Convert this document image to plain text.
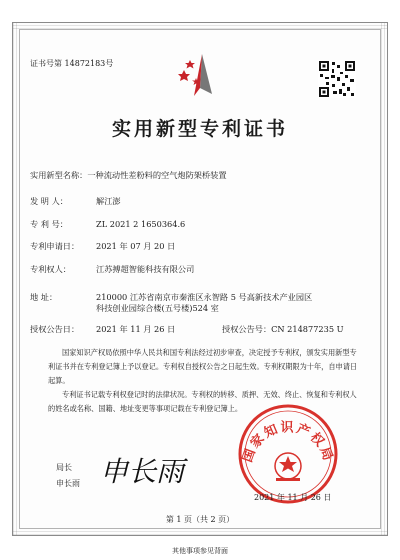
证书号第 14872183号
实用新型专利证书
实用新型名称：一种流动性差粉料的空气炮防架桥装置
发 明 人：	解江澎
专 利 号：	ZL 2021 2 1650364.6
专利申请日： 2021 年 07 月 20 日
专利权人：	江苏搏超智能科技有限公司
地 址：	210000 江苏省南京市秦淮区永智路 5 号高新技术产业园区
科技创业园综合楼(五号楼)524 室
授权公告日： 2021 年 11 月 26 日	授权公告号：CN 214877235 U
国家知识产权局依照中华人民共和国专利法经过初步审查，决定授予专利权，颁发实用新型专利证书并在专利登记簿上予以登记。专利权自授权公告之日起生效。专利权期限为十年，自申请日起算。
专利证书记载专利权登记时的法律状况。专利权的转移、质押、无效、终止、恢复和专利权人的姓名或名称、国籍、地址变更等事项记载在专利登记簿上。
国家知识产权局
局长
申长雨 申长雨
2021 年 11 月 26 日
第 1 页（共 2 页）
其他事项参见背面
